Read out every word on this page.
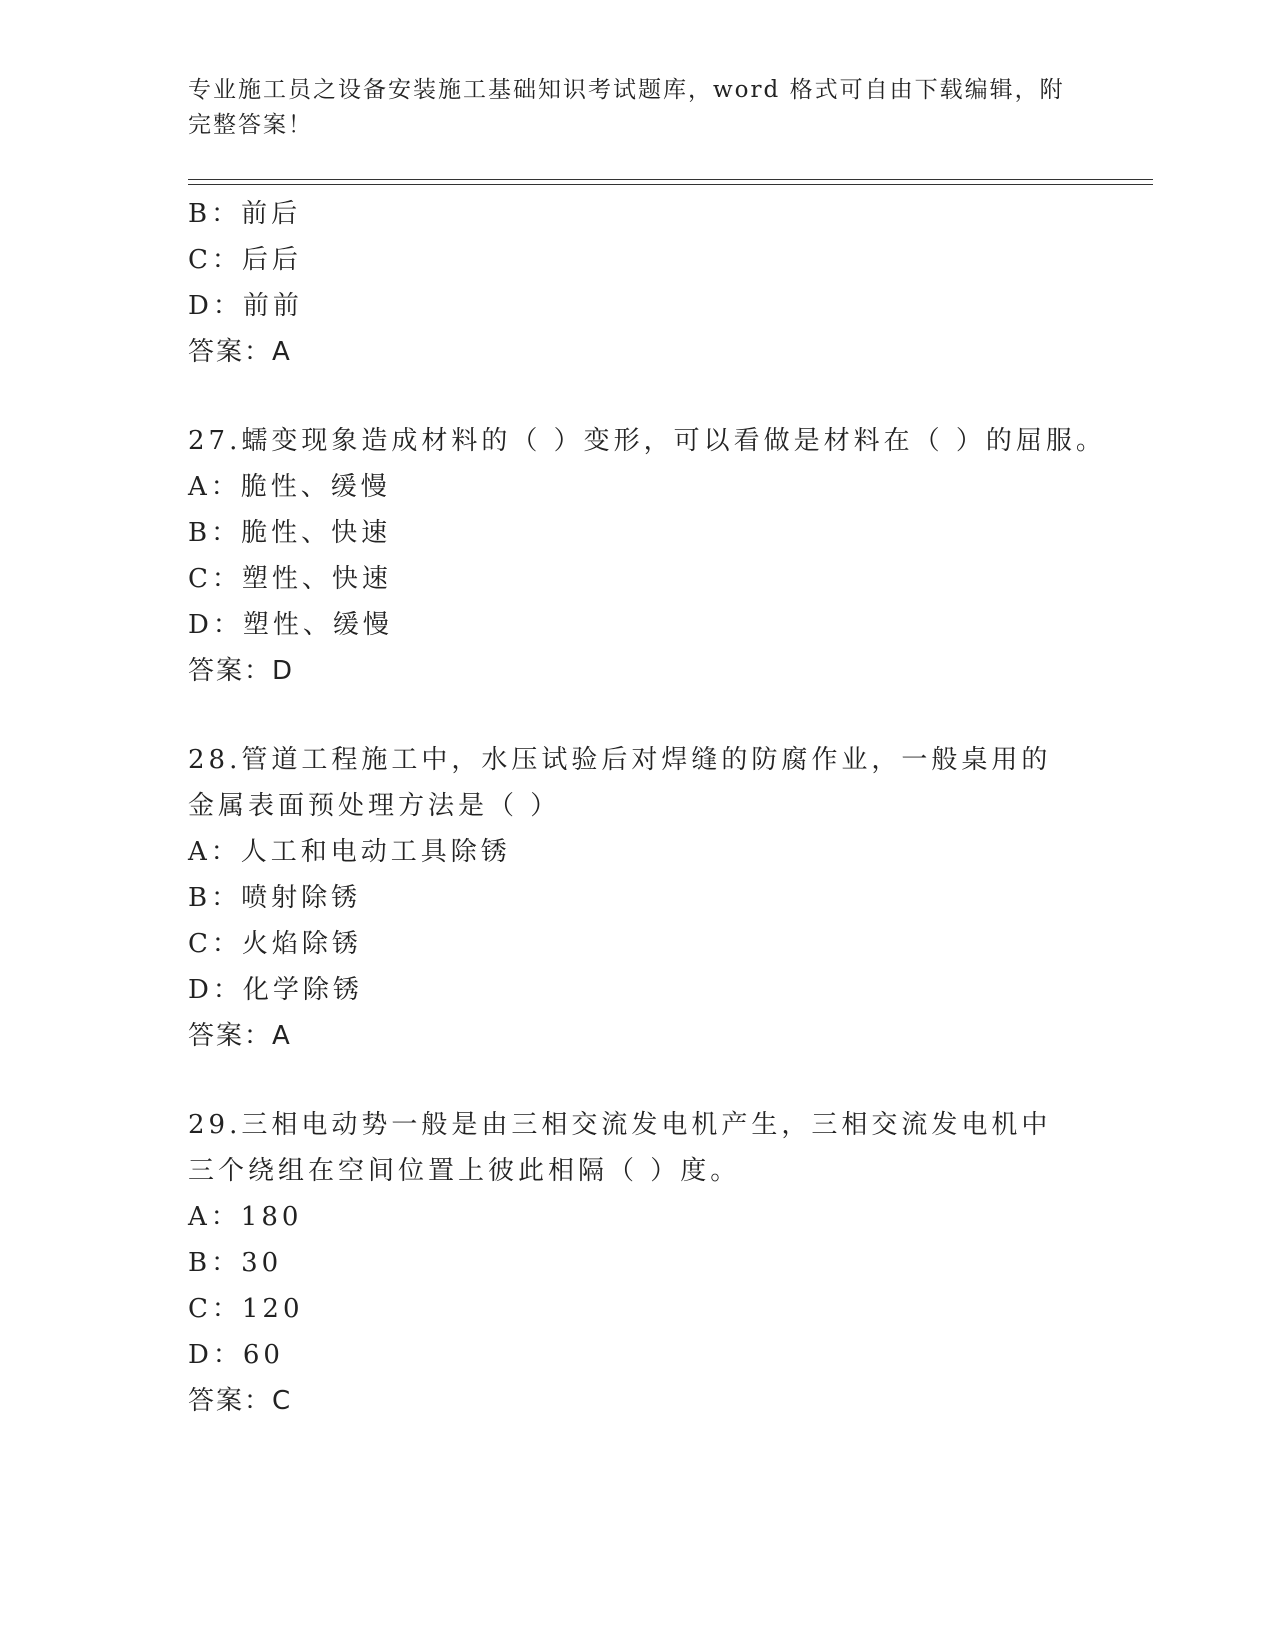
专业施工员之设备安装施工基础知识考试题库，word 格式可自由下载编辑，附完整答案！
B：前后
C：后后
D：前前
答案：A
27.蠕变现象造成材料的（ ）变形，可以看做是材料在（ ）的屈服。
A：脆性、缓慢
B：脆性、快速
C：塑性、快速
D：塑性、缓慢
答案：D
28.管道工程施工中，水压试验后对焊缝的防腐作业，一般桌用的金属表面预处理方法是（ ）
A：人工和电动工具除锈
B：喷射除锈
C：火焰除锈
D：化学除锈
答案：A
29.三相电动势一般是由三相交流发电机产生，三相交流发电机中三个绕组在空间位置上彼此相隔（ ）度。
A：180
B：30
C：120
D：60
答案：C
